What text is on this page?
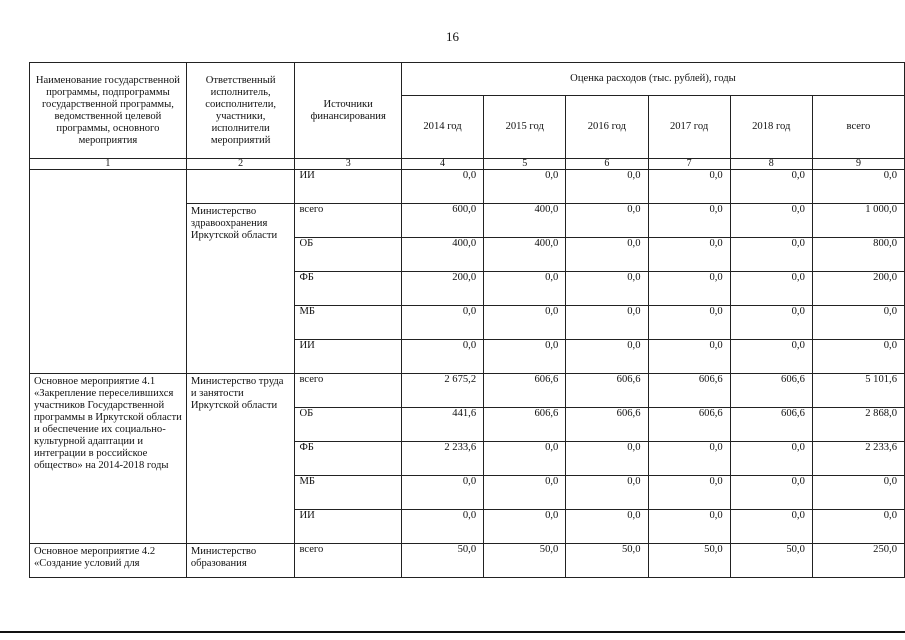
16
Наименование государственной программы, подпрограммы государственной программы, ведомственной целевой программы, основного мероприятия	Ответственный исполнитель, соисполнители, участники, исполнители мероприятий	Источники финансирования	Оценка расходов (тыс. рублей), годы					
			2014 год	2015 год	2016 год	2017 год	2018 год	всего
1	2	3	4	5	6	7	8	9
		ИИ	0,0	0,0	0,0	0,0	0,0	0,0
	Министерство здравоохранения Иркутской области	всего	600,0	400,0	0,0	0,0	0,0	1 000,0
		ОБ	400,0	400,0	0,0	0,0	0,0	800,0
		ФБ	200,0	0,0	0,0	0,0	0,0	200,0
		МБ	0,0	0,0	0,0	0,0	0,0	0,0
		ИИ	0,0	0,0	0,0	0,0	0,0	0,0
Основное мероприятие 4.1 «Закрепление переселившихся участников Государственной программы в Иркутской области и обеспечение их социально-культурной адаптации и интеграции в российское общество» на 2014-2018 годы	Министерство труда и занятости Иркутской области	всего	2 675,2	606,6	606,6	606,6	606,6	5 101,6
		ОБ	441,6	606,6	606,6	606,6	606,6	2 868,0
		ФБ	2 233,6	0,0	0,0	0,0	0,0	2 233,6
		МБ	0,0	0,0	0,0	0,0	0,0	0,0
		ИИ	0,0	0,0	0,0	0,0	0,0	0,0
Основное мероприятие 4.2 «Создание условий для	Министерство образования	всего	50,0	50,0	50,0	50,0	50,0	250,0
